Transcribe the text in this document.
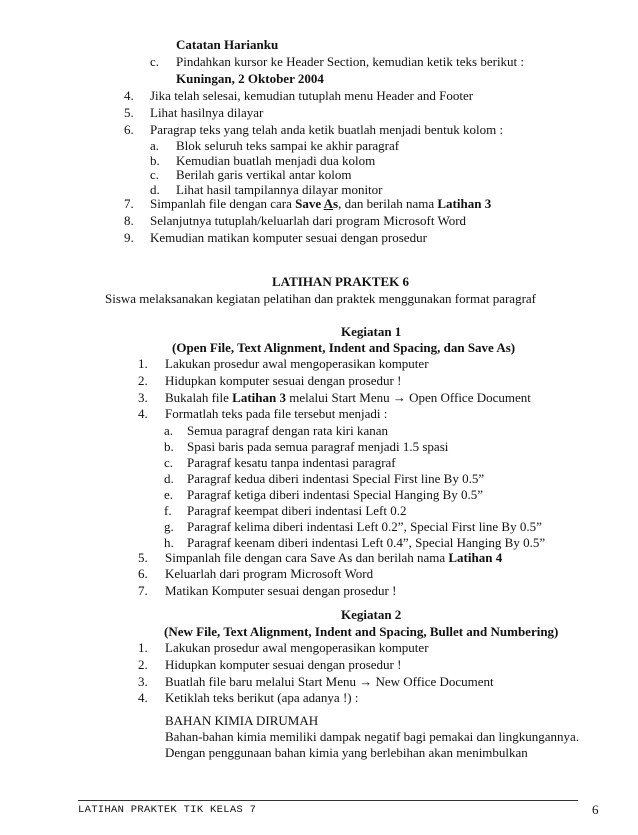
Catatan Harianku
c. Pindahkan kursor ke Header Section, kemudian ketik teks berikut :
Kuningan, 2 Oktober 2004
4. Jika telah selesai, kemudian tutuplah menu Header and Footer
5. Lihat hasilnya dilayar
6. Paragrap teks yang telah anda ketik buatlah menjadi bentuk kolom :
a. Blok seluruh teks sampai ke akhir paragraf
b. Kemudian buatlah menjadi dua kolom
c. Berilah garis vertikal antar kolom
d. Lihat hasil tampilannya dilayar monitor
7. Simpanlah file dengan cara Save As, dan berilah nama Latihan 3
8. Selanjutnya tutuplah/keluarlah dari program Microsoft Word
9. Kemudian matikan komputer sesuai dengan prosedur
LATIHAN PRAKTEK 6
Siswa melaksanakan kegiatan pelatihan dan praktek menggunakan format paragraf
Kegiatan 1
(Open File, Text Alignment, Indent and Spacing, dan Save As)
1. Lakukan prosedur awal mengoperasikan komputer
2. Hidupkan komputer sesuai dengan prosedur !
3. Bukalah file Latihan 3 melalui Start Menu → Open Office Document
4. Formatlah teks pada file tersebut menjadi :
a. Semua paragraf dengan rata kiri kanan
b. Spasi baris pada semua paragraf menjadi 1.5 spasi
c. Paragraf kesatu tanpa indentasi paragraf
d. Paragraf kedua diberi indentasi Special First line By 0.5”
e. Paragraf ketiga diberi indentasi Special Hanging By 0.5”
f. Paragraf keempat diberi indentasi Left 0.2
g. Paragraf kelima diberi indentasi Left 0.2”, Special First line By 0.5”
h. Paragraf keenam diberi indentasi Left 0.4”, Special Hanging By 0.5”
5. Simpanlah file dengan cara Save As dan berilah nama Latihan 4
6. Keluarlah dari program Microsoft Word
7. Matikan Komputer sesuai dengan prosedur !
Kegiatan 2
(New File, Text Alignment, Indent and Spacing, Bullet and Numbering)
1. Lakukan prosedur awal mengoperasikan komputer
2. Hidupkan komputer sesuai dengan prosedur !
3. Buatlah file baru melalui Start Menu → New Office Document
4. Ketiklah teks berikut (apa adanya !) :
BAHAN KIMIA DIRUMAH
Bahan-bahan kimia memiliki dampak negatif bagi pemakai dan lingkungannya.
Dengan penggunaan bahan kimia yang berlebihan akan menimbulkan
LATIHAN PRAKTEK TIK KELAS 7	6
